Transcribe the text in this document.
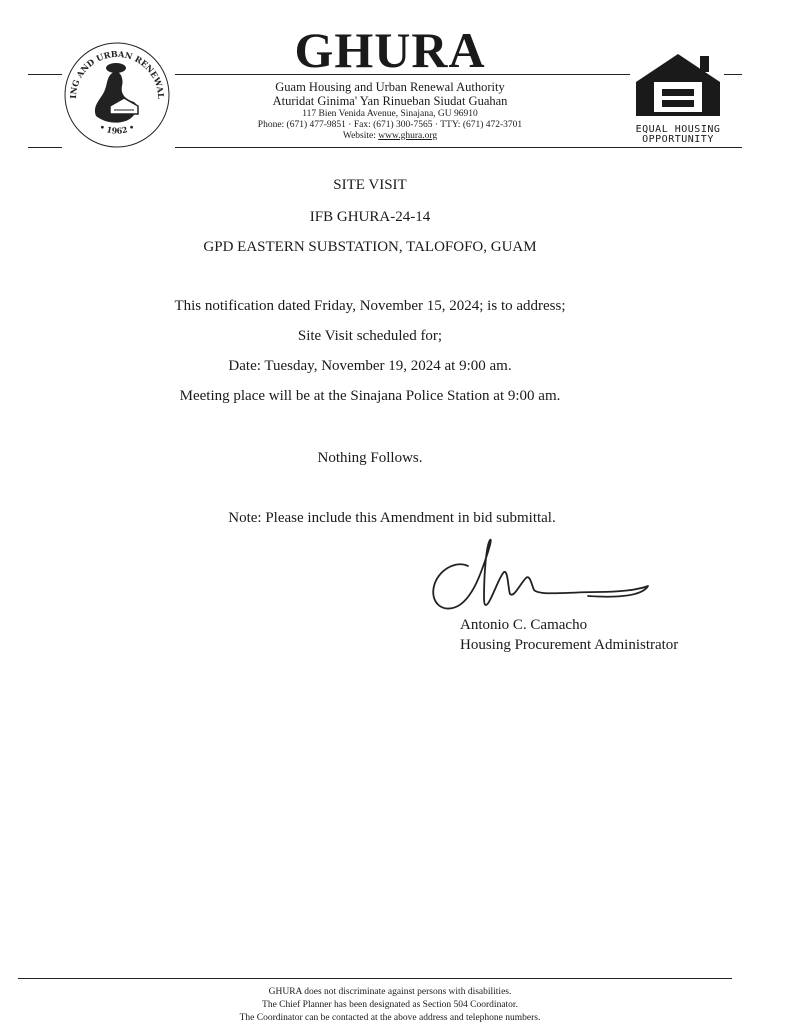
ING AND URBAN RENEWAL
• 1962 •
GHURA
Guam Housing and Urban Renewal Authority
Aturidat Ginima' Yan Rinueban Siudat Guahan
117 Bien Venida Avenue, Sinajana, GU 96910
Phone: (671) 477-9851 · Fax: (671) 300-7565 · TTY: (671) 472-3701
Website: www.ghura.org
EQUAL HOUSING
OPPORTUNITY
SITE VISIT
IFB GHURA-24-14
GPD EASTERN SUBSTATION, TALOFOFO, GUAM
This notification dated Friday, November 15, 2024; is to address;
Site Visit scheduled for;
Date: Tuesday, November 19, 2024 at 9:00 am.
Meeting place will be at the Sinajana Police Station at 9:00 am.
Nothing Follows.
Note: Please include this Amendment in bid submittal.
Antonio C. Camacho
Housing Procurement Administrator
GHURA does not discriminate against persons with disabilities.
The Chief Planner has been designated as Section 504 Coordinator.
The Coordinator can be contacted at the above address and telephone numbers.
